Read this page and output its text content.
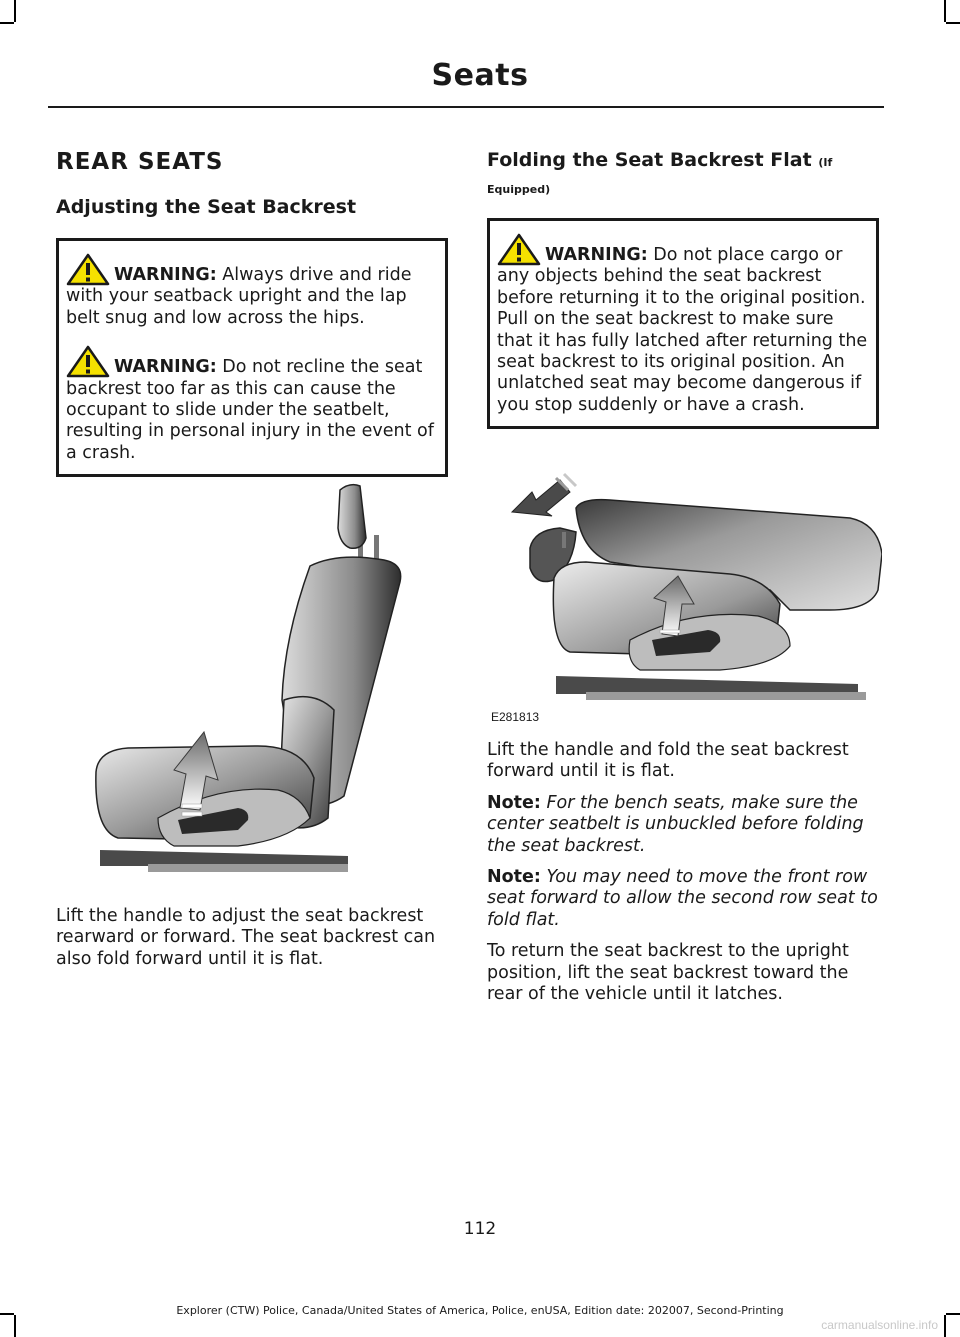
Seats
REAR SEATS
Adjusting the Seat Backrest

WARNING: Always drive and ride with your seatback upright and the lap belt snug and low across the hips.

WARNING: Do not recline the seat backrest too far as this can cause the occupant to slide under the seatbelt, resulting in personal injury in the event of a crash.

Lift the handle to adjust the seat backrest rearward or forward. The seat backrest can also fold forward until it is flat.

Folding the Seat Backrest Flat (If
Equipped)

WARNING: Do not place cargo or any objects behind the seat backrest before returning it to the original position. Pull on the seat backrest to make sure that it has fully latched after returning the seat backrest to its original position. An unlatched seat may become dangerous if you stop suddenly or have a crash.

E281813

Lift the handle and fold the seat backrest forward until it is flat.

Note: For the bench seats, make sure the center seatbelt is unbuckled before folding the seat backrest.

Note: You may need to move the front row seat forward to allow the second row seat to fold flat.

To return the seat backrest to the upright position, lift the seat backrest toward the rear of the vehicle until it latches.

112
Explorer (CTW) Police, Canada/United States of America, Police, enUSA, Edition date: 202007, Second-Printing
carmanualsonline.info
